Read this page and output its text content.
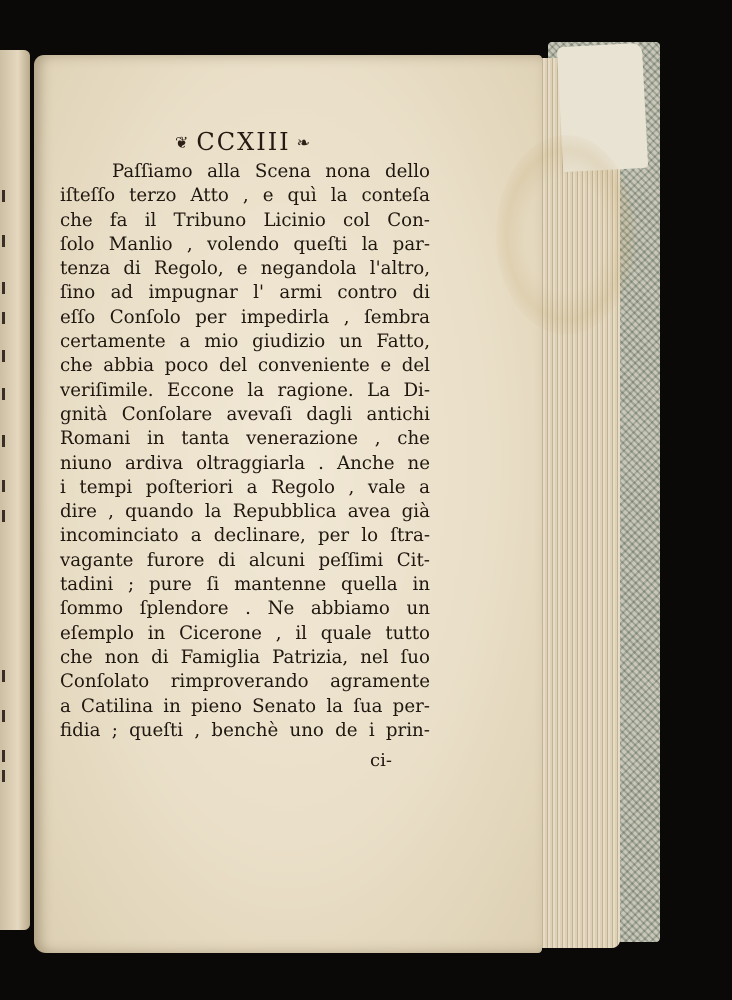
❦ CCXIII ❧
Paſſiamo alla Scena nona dello
iſteſſo terzo Atto , e quì la conteſa
che fa il Tribuno Licinio col Con-
ſolo Manlio , volendo queſti la par-
tenza di Regolo, e negandola l'altro,
ſino ad impugnar l' armi contro di
eſſo Conſolo per impedirla , ſembra
certamente a mio giudizio un Fatto,
che abbia poco del conveniente e del
veriſimile. Eccone la ragione. La Di-
gnità Conſolare avevaſi dagli antichi
Romani in tanta venerazione , che
niuno ardiva oltraggiarla . Anche ne
i tempi poſteriori a Regolo , vale a
dire , quando la Repubblica avea già
incominciato a declinare, per lo ſtra-
vagante furore di alcuni peſſimi Cit-
tadini ; pure ſi mantenne quella in
ſommo ſplendore . Ne abbiamo un
eſemplo in Cicerone , il quale tutto
che non di Famiglia Patrizia, nel ſuo
Conſolato rimproverando agramente
a Catilina in pieno Senato la ſua per-
fidia ; queſti , benchè uno de i prin-
ci-
